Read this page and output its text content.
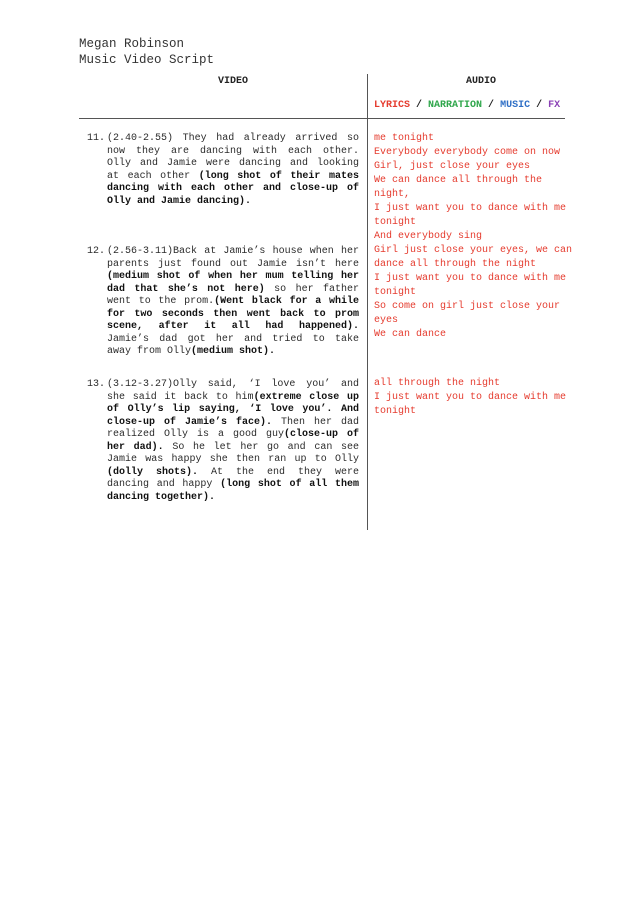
Megan Robinson
Music Video Script
VIDEO	AUDIO
LYRICS / NARRATION / MUSIC / FX
11. (2.40-2.55) They had already arrived so now they are dancing with each other. Olly and Jamie were dancing and looking at each other (long shot of their mates dancing with each other and close-up of Olly and Jamie dancing).
me tonight
Everybody everybody come on now
Girl, just close your eyes
We can dance all through the night,
I just want you to dance with me tonight
And everybody sing
12. (2.56-3.11)Back at Jamie’s house when her parents just found out Jamie isn’t here (medium shot of when her mum telling her dad that she’s not here) so her father went to the prom.(Went black for a while for two seconds then went back to prom scene, after it all had happened). Jamie’s dad got her and tried to take away from Olly(medium shot).
Girl just close your eyes, we can dance all through the night
I just want you to dance with me tonight
So come on girl just close your eyes
We can dance
13. (3.12-3.27)Olly said, ‘I love you’ and she said it back to him(extreme close up of Olly’s lip saying, ‘I love you’. And close-up of Jamie’s face). Then her dad realized Olly is a good guy(close-up of her dad). So he let her go and can see Jamie was happy she then ran up to Olly (dolly shots). At the end they were dancing and happy (long shot of all them dancing together).
all through the night
I just want you to dance with me tonight
